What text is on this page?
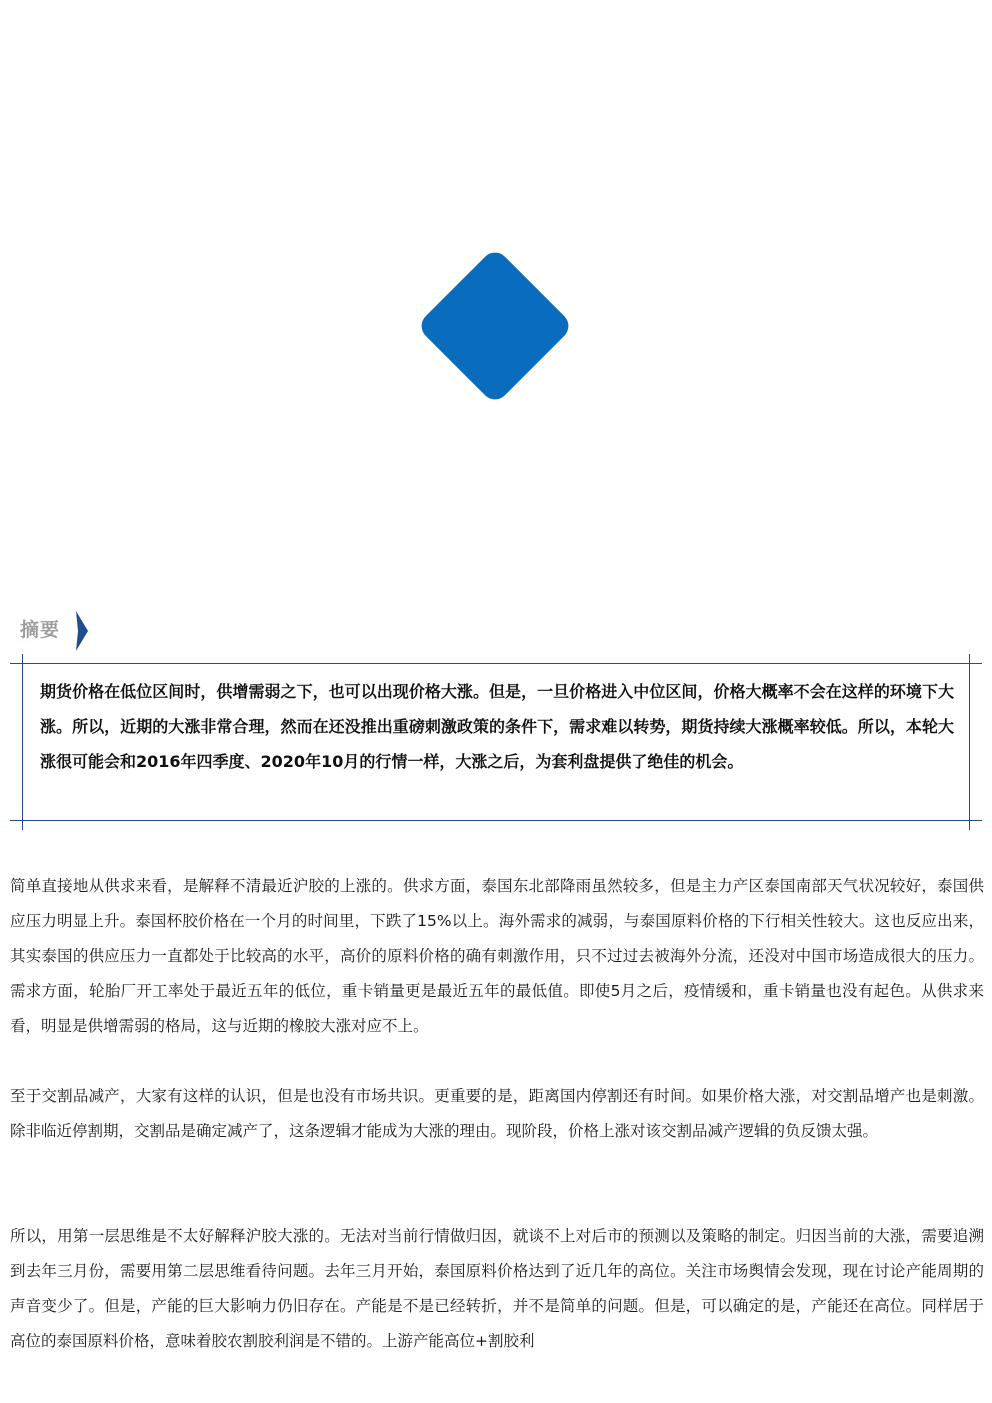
摘要
期货价格在低位区间时，供增需弱之下，也可以出现价格大涨。但是，一旦价格进入中位区间，价格大概率不会在这样的环境下大涨。所以，近期的大涨非常合理，然而在还没推出重磅刺激政策的条件下，需求难以转势，期货持续大涨概率较低。所以，本轮大涨很可能会和2016年四季度、2020年10月的行情一样，大涨之后，为套利盘提供了绝佳的机会。
简单直接地从供求来看，是解释不清最近沪胶的上涨的。供求方面，泰国东北部降雨虽然较多，但是主力产区泰国南部天气状况较好，泰国供应压力明显上升。泰国杯胶价格在一个月的时间里，下跌了15%以上。海外需求的减弱，与泰国原料价格的下行相关性较大。这也反应出来，其实泰国的供应压力一直都处于比较高的水平，高价的原料价格的确有刺激作用，只不过过去被海外分流，还没对中国市场造成很大的压力。需求方面，轮胎厂开工率处于最近五年的低位，重卡销量更是最近五年的最低值。即使5月之后，疫情缓和，重卡销量也没有起色。从供求来看，明显是供增需弱的格局，这与近期的橡胶大涨对应不上。
至于交割品减产，大家有这样的认识，但是也没有市场共识。更重要的是，距离国内停割还有时间。如果价格大涨，对交割品增产也是刺激。除非临近停割期，交割品是确定减产了，这条逻辑才能成为大涨的理由。现阶段，价格上涨对该交割品减产逻辑的负反馈太强。
所以，用第一层思维是不太好解释沪胶大涨的。无法对当前行情做归因，就谈不上对后市的预测以及策略的制定。归因当前的大涨，需要追溯到去年三月份，需要用第二层思维看待问题。去年三月开始，泰国原料价格达到了近几年的高位。关注市场舆情会发现，现在讨论产能周期的声音变少了。但是，产能的巨大影响力仍旧存在。产能是不是已经转折，并不是简单的问题。但是，可以确定的是，产能还在高位。同样居于高位的泰国原料价格，意味着胶农割胶利润是不错的。上游产能高位+割胶利
